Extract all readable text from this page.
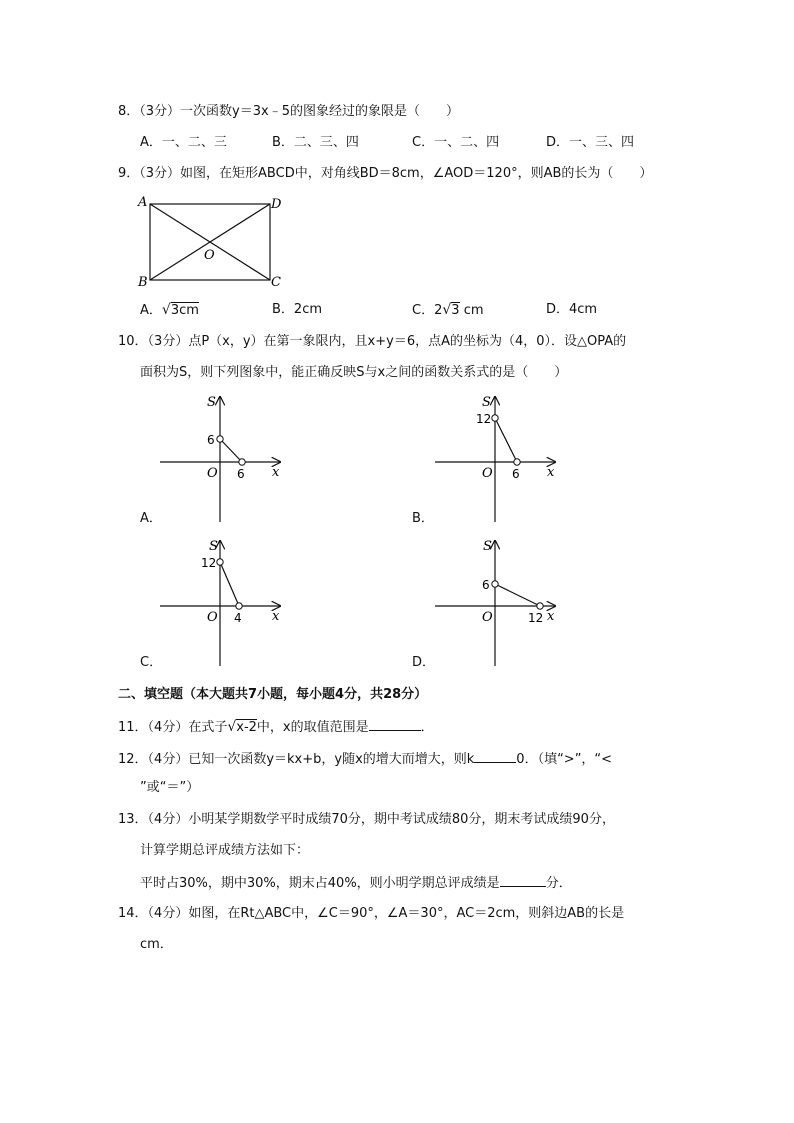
8．（3分）一次函数y＝3x﹣5的图象经过的象限是（　　）
A．一、二、三	B．二、三、四	C．一、二、四	D．一、三、四
9．（3分）如图，在矩形ABCD中，对角线BD＝8cm，∠AOD＝120°，则AB的长为（　　）
A	D
B	C
O
A．√3cm	B．2cm	C．2√3 cm	D．4cm
10．（3分）点P（x，y）在第一象限内，且x+y＝6，点A的坐标为（4，0）．设△OPA的
面积为S，则下列图象中，能正确反映S与x之间的函数关系式的是（　　）
S
x
O
6
6
A．
S
x
O
12
6
B．
S
x
O
12
4
C．
S
x
O
6
12
D．
二、填空题（本大题共7小题，每小题4分，共28分）
11．（4分）在式子√x-2中，x的取值范围是	．
12．（4分）已知一次函数y＝kx+b，y随x的增大而增大，则k	0．（填“>”，“<
”或“＝”）
13．（4分）小明某学期数学平时成绩70分，期中考试成绩80分，期末考试成绩90分，
计算学期总评成绩方法如下：
平时占30%，期中30%，期末占40%，则小明学期总评成绩是	分．
14．（4分）如图，在Rt△ABC中，∠C＝90°，∠A＝30°，AC＝2cm，则斜边AB的长是
cm．
